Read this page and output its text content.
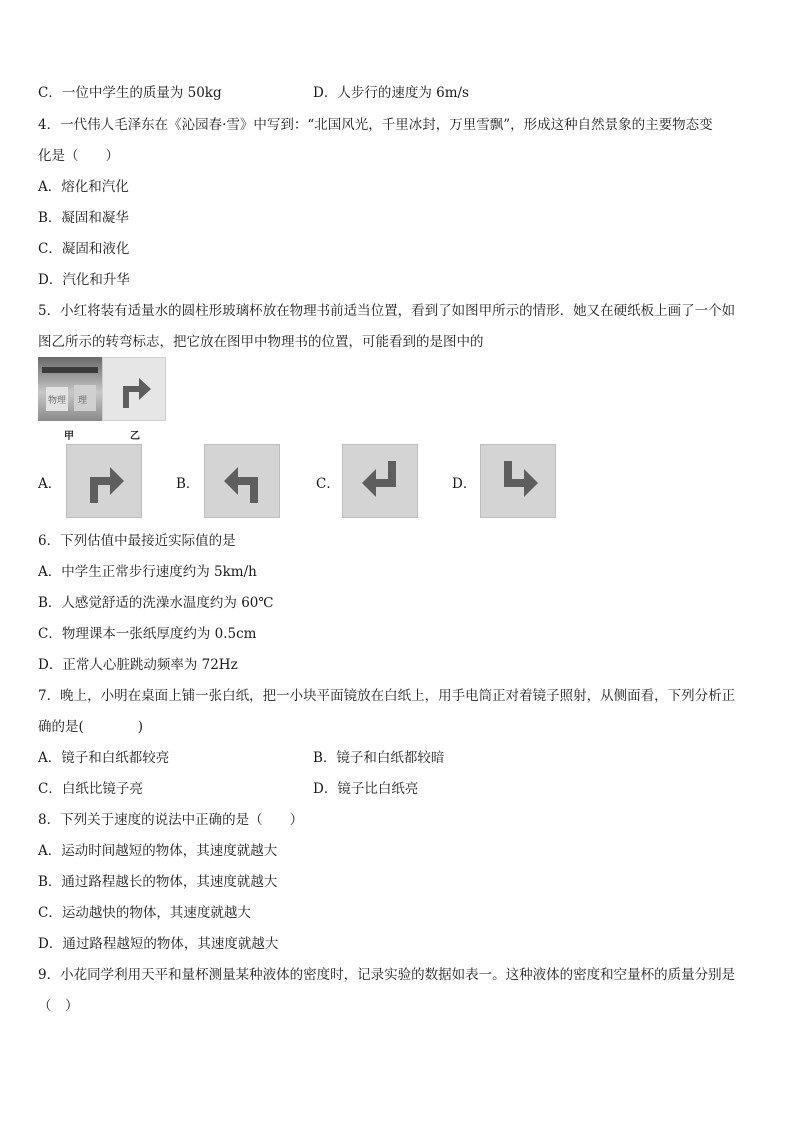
C．一位中学生的质量为 50kg	D．人步行的速度为 6m/s
4．一代伟人毛泽东在《沁园春·雪》中写到：“北国风光，千里冰封，万里雪飘”，形成这种自然景象的主要物态变
化是（　　）
A．熔化和汽化
B．凝固和凝华
C．凝固和液化
D．汽化和升华
5．小红将装有适量水的圆柱形玻璃杯放在物理书前适当位置，看到了如图甲所示的情形．她又在硬纸板上画了一个如
图乙所示的转弯标志，把它放在图甲中物理书的位置，可能看到的是图中的
物理 理
甲	乙
A．	B．	C．	D．
6．下列估值中最接近实际值的是
A．中学生正常步行速度约为 5km/h
B．人感觉舒适的洗澡水温度约为 60℃
C．物理课本一张纸厚度约为 0.5cm
D．正常人心脏跳动频率为 72Hz
7．晚上，小明在桌面上铺一张白纸，把一小块平面镜放在白纸上，用手电筒正对着镜子照射，从侧面看，下列分析正
确的是(　　　　)
A．镜子和白纸都较亮	B．镜子和白纸都较暗
C．白纸比镜子亮	D．镜子比白纸亮
8．下列关于速度的说法中正确的是（　　）
A．运动时间越短的物体，其速度就越大
B．通过路程越长的物体，其速度就越大
C．运动越快的物体，其速度就越大
D．通过路程越短的物体，其速度就越大
9．小花同学利用天平和量杯测量某种液体的密度时，记录实验的数据如表一。这种液体的密度和空量杯的质量分别是
（　）
